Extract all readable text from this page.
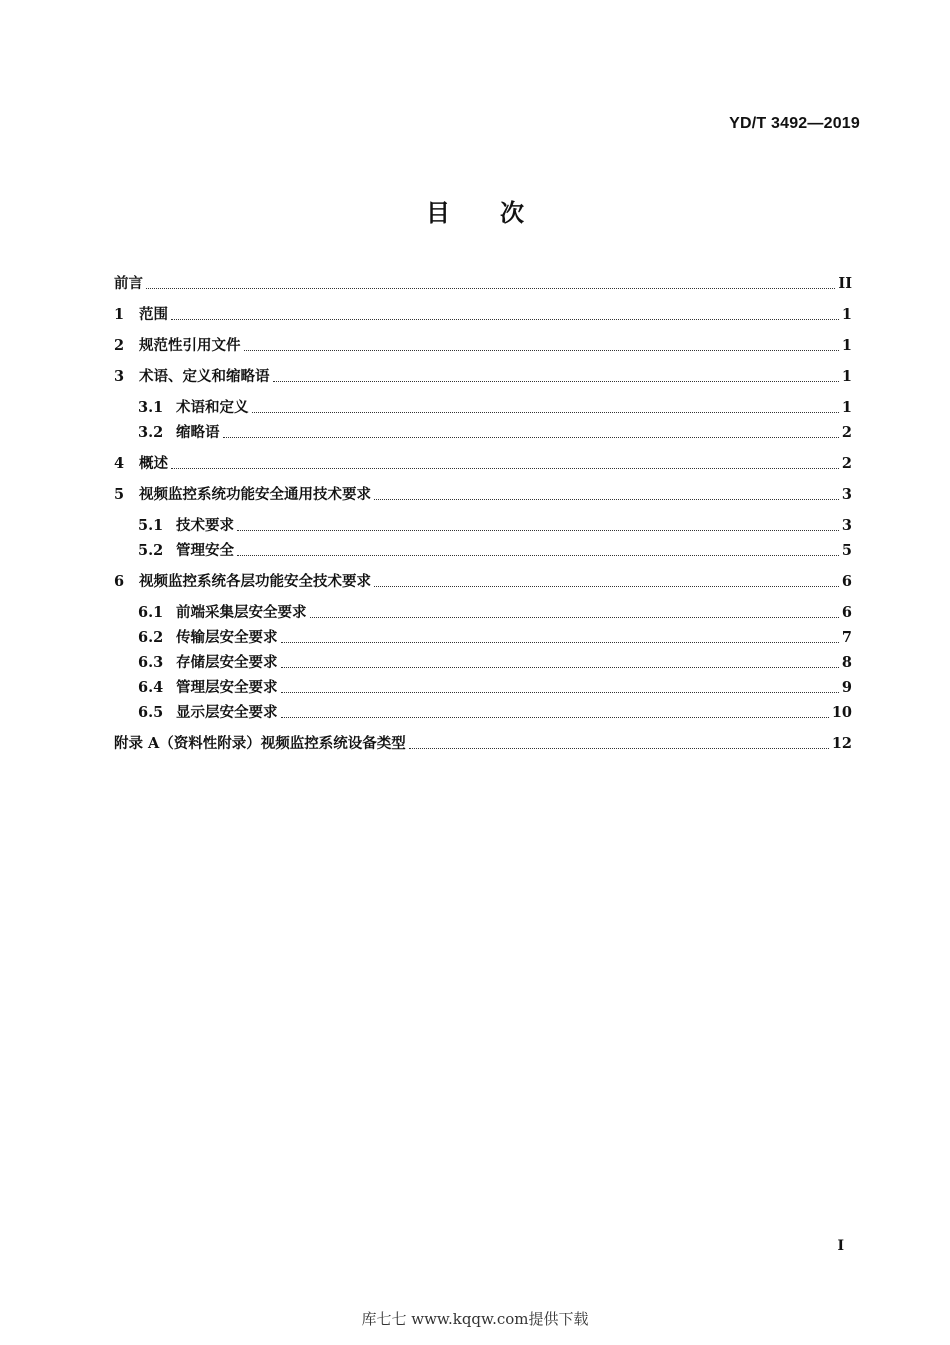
YD/T 3492—2019
目 次
前言	II
1	范围	1
2	规范性引用文件	1
3	术语、定义和缩略语	1
3.1 术语和定义	1
3.2 缩略语	2
4	概述	2
5	视频监控系统功能安全通用技术要求	3
5.1 技术要求	3
5.2 管理安全	5
6	视频监控系统各层功能安全技术要求	6
6.1 前端采集层安全要求	6
6.2 传输层安全要求	7
6.3 存储层安全要求	8
6.4 管理层安全要求	9
6.5 显示层安全要求	10
附录 A（资料性附录）视频监控系统设备类型	12
I
库七七 www.kqqw.com提供下载
